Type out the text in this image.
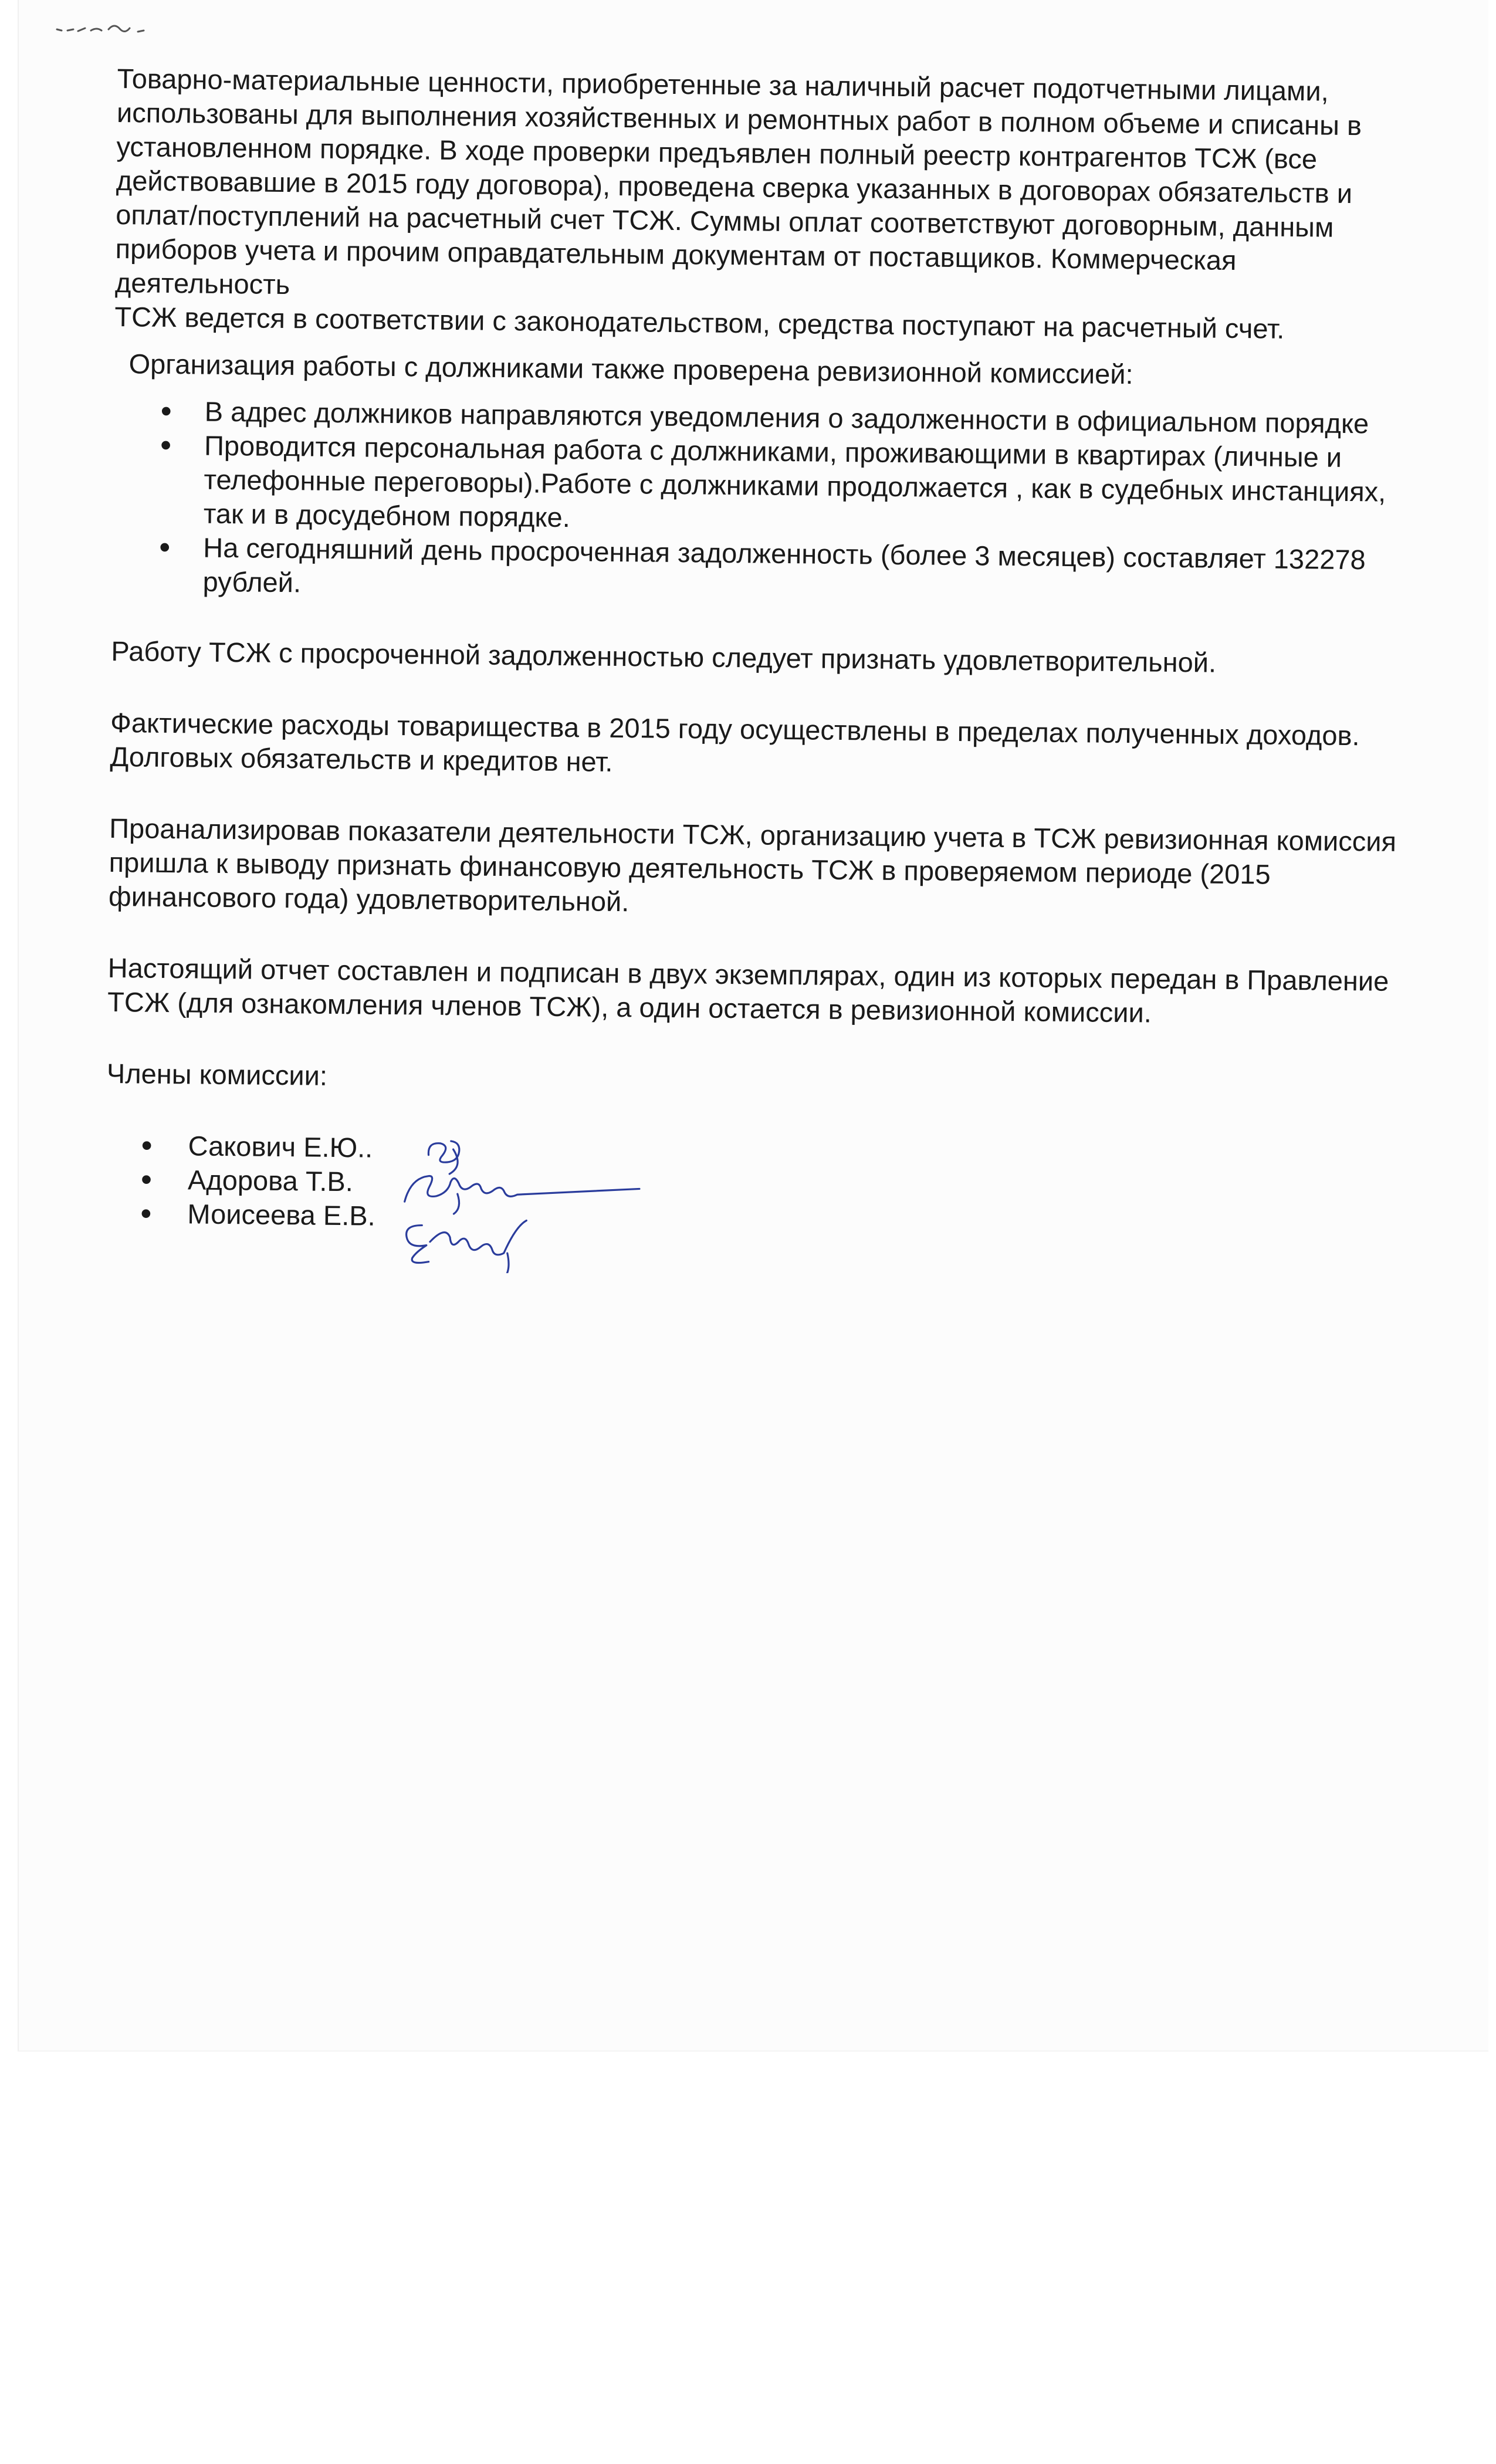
Товарно-материальные ценности, приобретенные за наличный расчет подотчетными лицами,
использованы для выполнения хозяйственных и ремонтных работ в полном объеме и списаны в
установленном порядке. В ходе проверки предъявлен полный реестр контрагентов ТСЖ (все
действовавшие в 2015 году договора), проведена сверка указанных в договорах обязательств и
оплат/поступлений на расчетный счет ТСЖ. Суммы оплат соответствуют договорным, данным
приборов учета и прочим оправдательным документам от поставщиков. Коммерческая деятельность
ТСЖ ведется в соответствии с законодательством, средства поступают на расчетный счет.

Организация работы с должниками также проверена ревизионной комиссией:

• В адрес должников направляются уведомления о задолженности в официальном порядке
• Проводится персональная работа с должниками, проживающими в квартирах (личные и
телефонные переговоры).Работе с должниками продолжается , как в судебных инстанциях,
так и в досудебном порядке.
• На сегодняшний день просроченная задолженность (более 3 месяцев) составляет 132278
рублей.

Работу ТСЖ с просроченной задолженностью следует признать удовлетворительной.

Фактические расходы товарищества в 2015 году осуществлены в пределах полученных доходов.
Долговых обязательств и кредитов нет.

Проанализировав показатели деятельности ТСЖ, организацию учета в ТСЖ ревизионная комиссия
пришла к выводу признать финансовую деятельность ТСЖ в проверяемом периоде (2015
финансового года) удовлетворительной.

Настоящий отчет составлен и подписан в двух экземплярах, один из которых передан в Правление
ТСЖ (для ознакомления членов ТСЖ), а один остается в ревизионной комиссии.

Члены комиссии:

• Сакович Е.Ю..
• Адорова Т.В.
• Моисеева Е.В.
